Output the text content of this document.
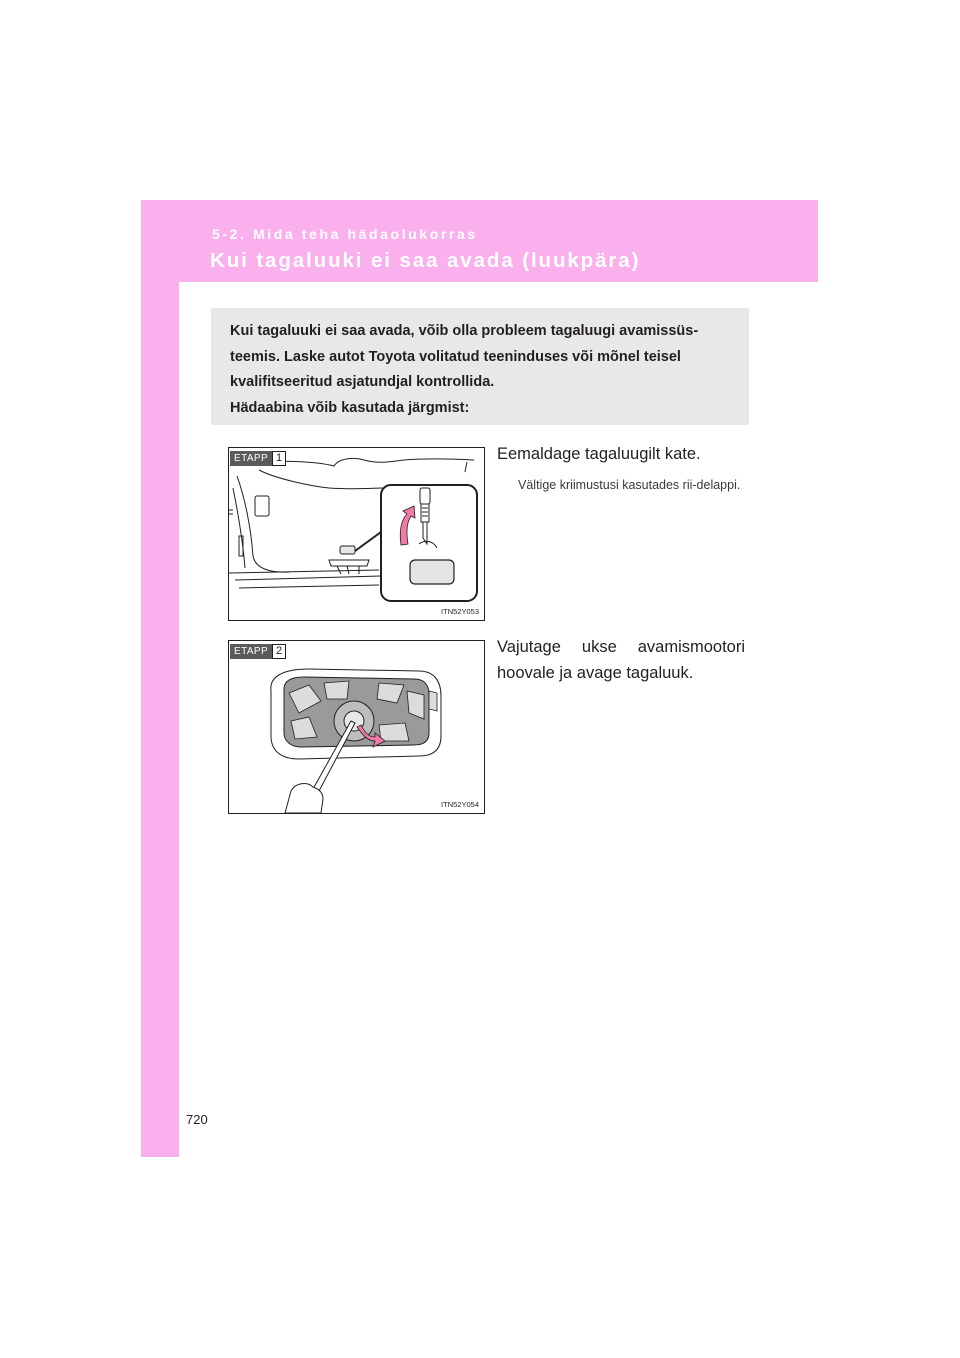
5-2. Mida teha hädaolukorras
Kui tagaluuki ei saa avada (luukpära)
Kui tagaluuki ei saa avada, võib olla probleem tagaluugi avamissüs-
teemis. Laske autot Toyota volitatud teeninduses või mõnel teisel
kvalifitseeritud asjatundjal kontrollida.
Hädaabina võib kasutada järgmist:
ETAPP 1
ITN52Y053
Eemaldage tagaluugilt kate.
Vältige kriimustusi kasutades rii-delappi.
ETAPP 2
ITN52Y054
Vajutage ukse avamismootori hoovale ja avage tagaluuk.
720
